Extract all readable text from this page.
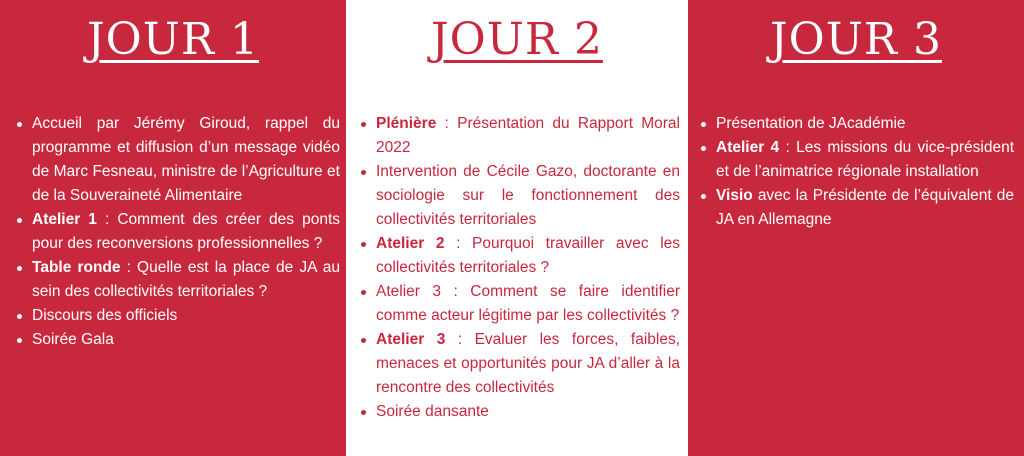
JOUR 1
Accueil par Jérémy Giroud, rappel du programme et diffusion d’un message vidéo de Marc Fesneau, ministre de l’Agriculture et de la Souveraineté Alimentaire
Atelier 1 : Comment des créer des ponts pour des reconversions professionnelles ?
Table ronde : Quelle est la place de JA au sein des collectivités territoriales ?
Discours des officiels
Soirée Gala
JOUR 2
Plénière : Présentation du Rapport Moral 2022
Intervention de Cécile Gazo, doctorante en sociologie sur le fonctionnement des collectivités territoriales
Atelier 2 : Pourquoi travailler avec les collectivités territoriales ?
Atelier 3 : Comment se faire identifier comme acteur légitime par les collectivités ?
Atelier 3 : Evaluer les forces, faibles, menaces et opportunités pour JA d’aller à la rencontre des collectivités
Soirée dansante
JOUR 3
Présentation de JAcadémie
Atelier 4 : Les missions du vice-président et de l’animatrice régionale installation
Visio avec la Présidente de l’équivalent de JA en Allemagne
